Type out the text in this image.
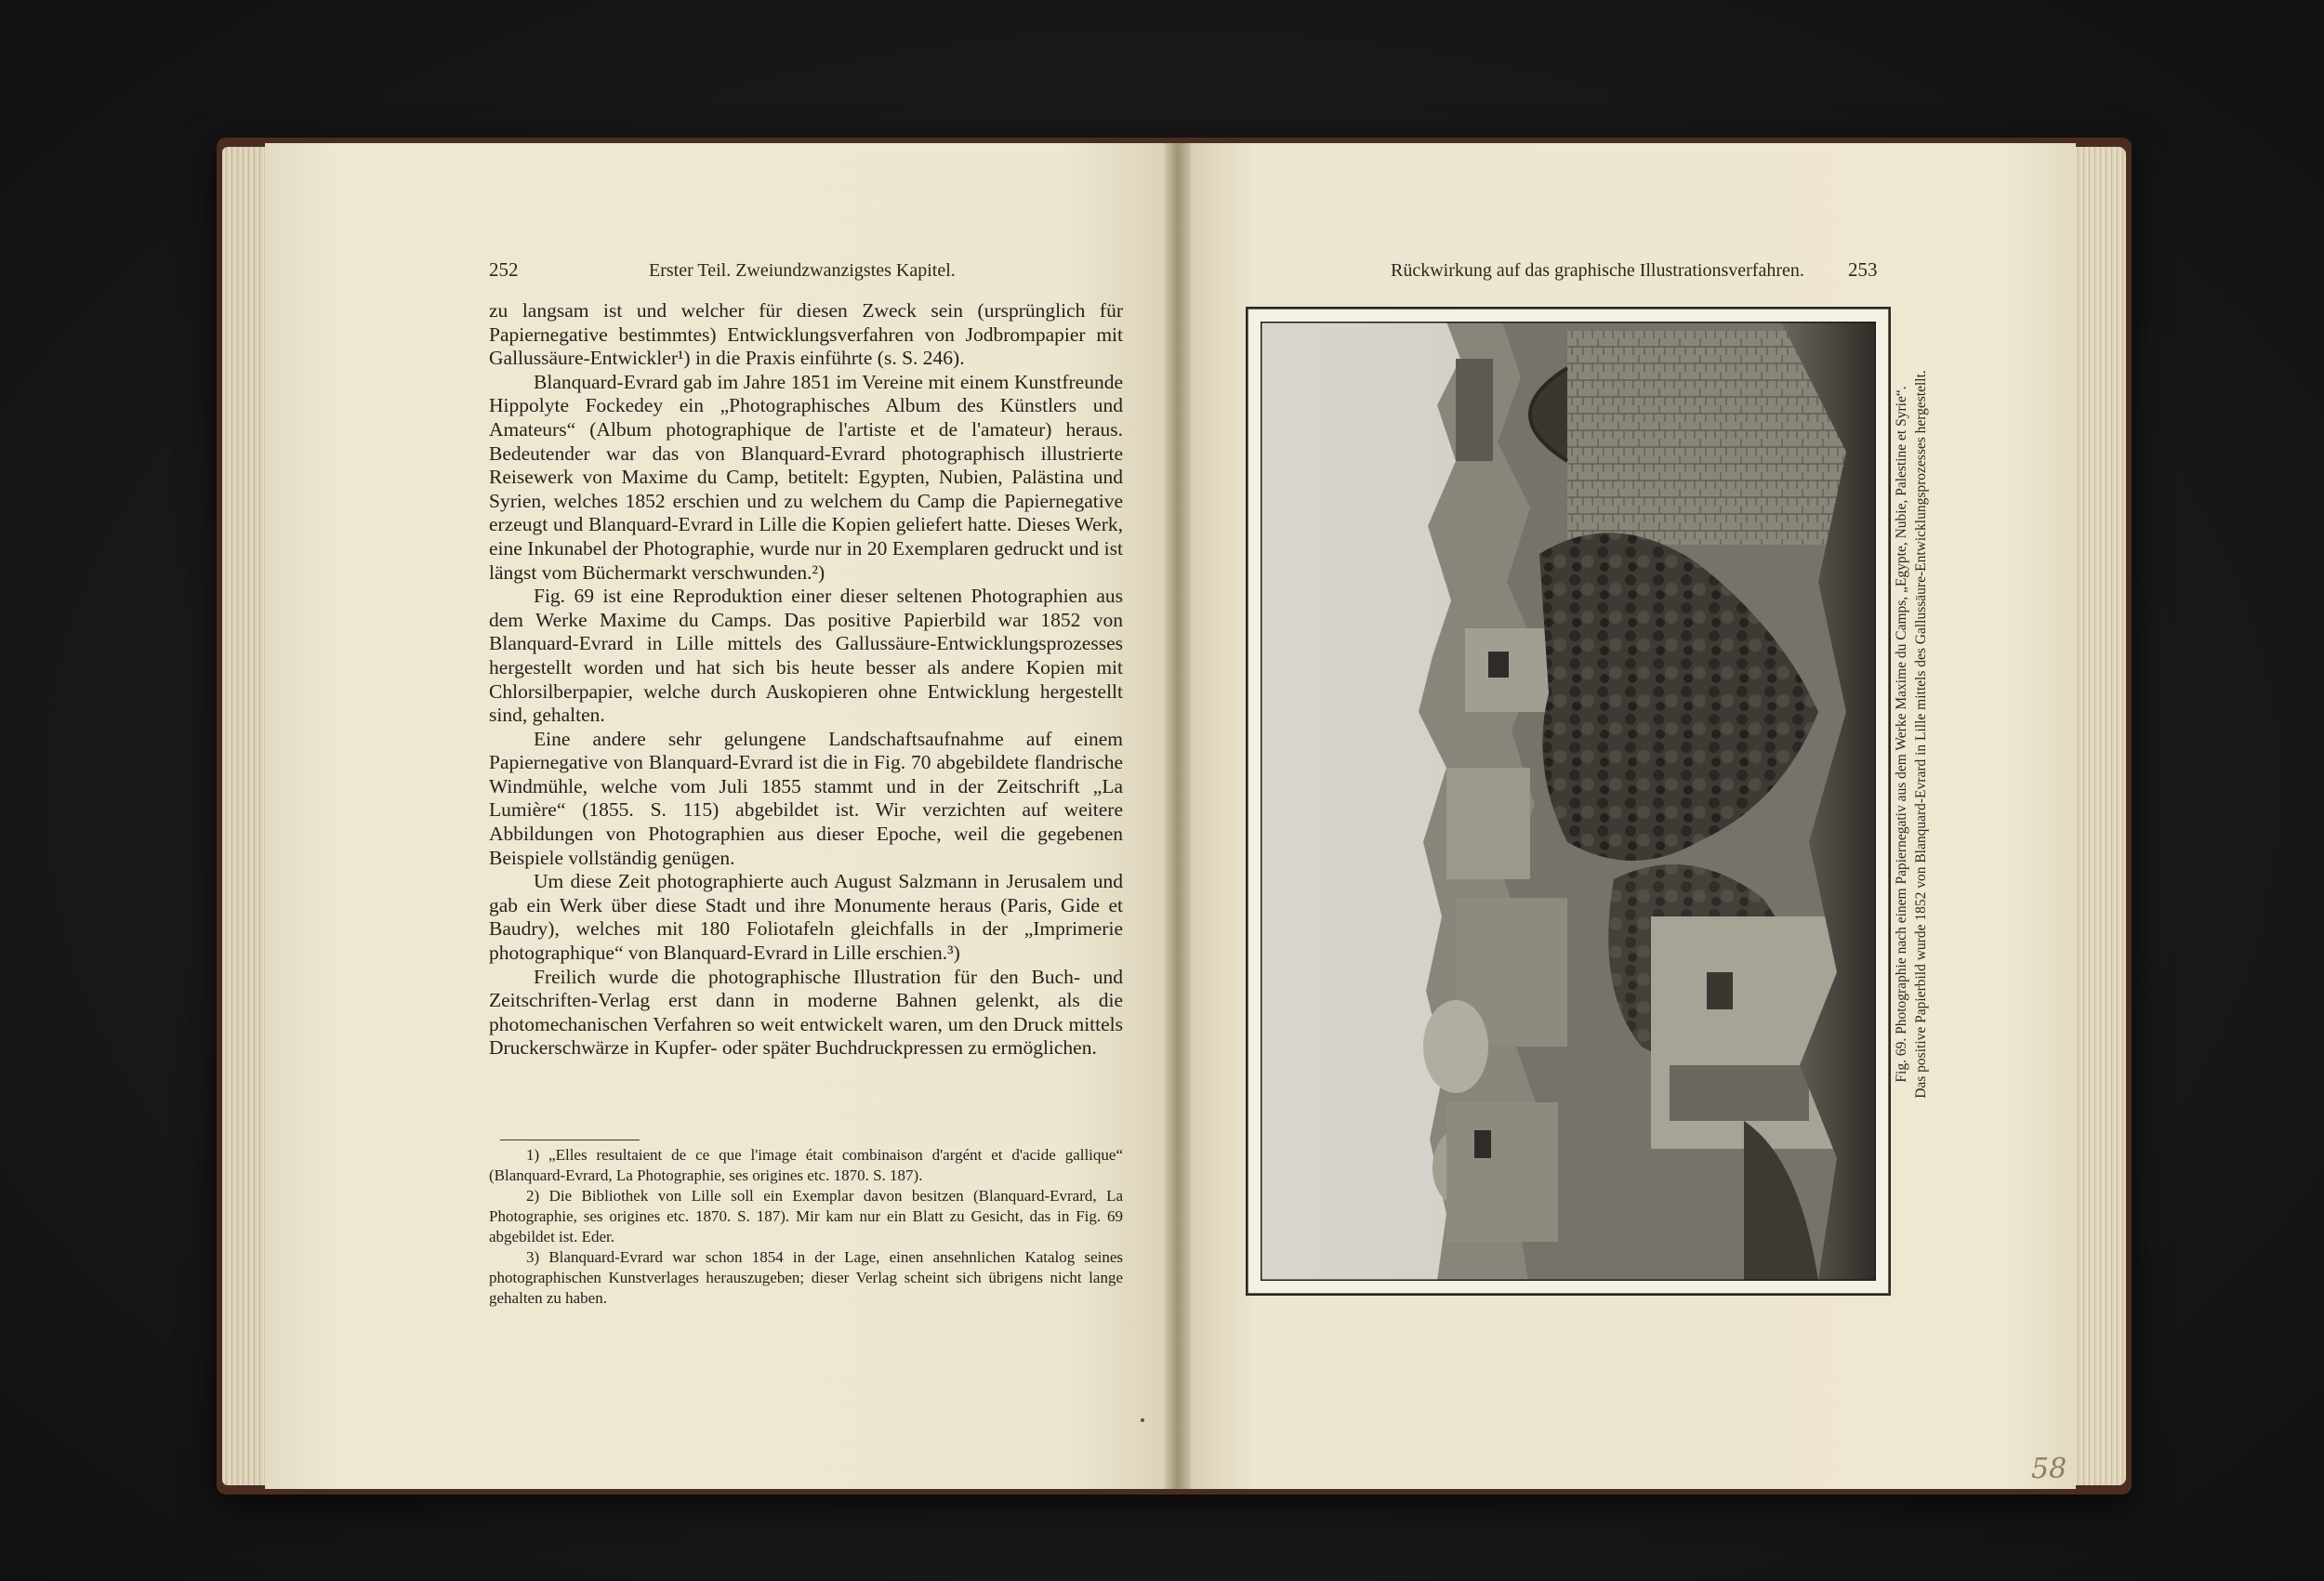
252	Erster Teil. Zweiundzwanzigstes Kapitel.

zu langsam ist und welcher für diesen Zweck sein (ursprünglich für Papiernegative bestimmtes) Entwicklungsverfahren von Jodbrompapier mit Gallussäure-Entwickler¹) in die Praxis einführte (s. S. 246).

Blanquard-Evrard gab im Jahre 1851 im Vereine mit einem Kunstfreunde Hippolyte Fockedey ein „Photographisches Album des Künstlers und Amateurs“ (Album photographique de l'artiste et de l'amateur) heraus. Bedeutender war das von Blanquard-Evrard photographisch illustrierte Reisewerk von Maxime du Camp, betitelt: Egypten, Nubien, Palästina und Syrien, welches 1852 erschien und zu welchem du Camp die Papiernegative erzeugt und Blanquard-Evrard in Lille die Kopien geliefert hatte. Dieses Werk, eine Inkunabel der Photographie, wurde nur in 20 Exemplaren gedruckt und ist längst vom Büchermarkt verschwunden.²)

Fig. 69 ist eine Reproduktion einer dieser seltenen Photographien aus dem Werke Maxime du Camps. Das positive Papierbild war 1852 von Blanquard-Evrard in Lille mittels des Gallussäure-Entwicklungsprozesses hergestellt worden und hat sich bis heute besser als andere Kopien mit Chlorsilberpapier, welche durch Auskopieren ohne Entwicklung hergestellt sind, gehalten.

Eine andere sehr gelungene Landschaftsaufnahme auf einem Papiernegative von Blanquard-Evrard ist die in Fig. 70 abgebildete flandrische Windmühle, welche vom Juli 1855 stammt und in der Zeitschrift „La Lumière“ (1855. S. 115) abgebildet ist. Wir verzichten auf weitere Abbildungen von Photographien aus dieser Epoche, weil die gegebenen Beispiele vollständig genügen.

Um diese Zeit photographierte auch August Salzmann in Jerusalem und gab ein Werk über diese Stadt und ihre Monumente heraus (Paris, Gide et Baudry), welches mit 180 Foliotafeln gleichfalls in der „Imprimerie photographique“ von Blanquard-Evrard in Lille erschien.³)

Freilich wurde die photographische Illustration für den Buch- und Zeitschriften-Verlag erst dann in moderne Bahnen gelenkt, als die photomechanischen Verfahren so weit entwickelt waren, um den Druck mittels Druckerschwärze in Kupfer- oder später Buchdruckpressen zu ermöglichen.

1) „Elles resultaient de ce que l'image était combinaison d'argént et d'acide gallique“ (Blanquard-Evrard, La Photographie, ses origines etc. 1870. S. 187).

2) Die Bibliothek von Lille soll ein Exemplar davon besitzen (Blanquard-Evrard, La Photographie, ses origines etc. 1870. S. 187). Mir kam nur ein Blatt zu Gesicht, das in Fig. 69 abgebildet ist. Eder.

3) Blanquard-Evrard war schon 1854 in der Lage, einen ansehnlichen Katalog seines photographischen Kunstverlages herauszugeben; dieser Verlag scheint sich übrigens nicht lange gehalten zu haben.

Rückwirkung auf das graphische Illustrationsverfahren. 253
Fig. 69. Photographie nach einem Papiernegativ aus dem Werke Maxime du Camps, „Egypte, Nubie, Palestine et Syrie“. Das positive Papierbild wurde 1852 von Blanquard-Evrard in Lille mittels des Gallussäure-Entwicklungsprozesses hergestellt.
58
